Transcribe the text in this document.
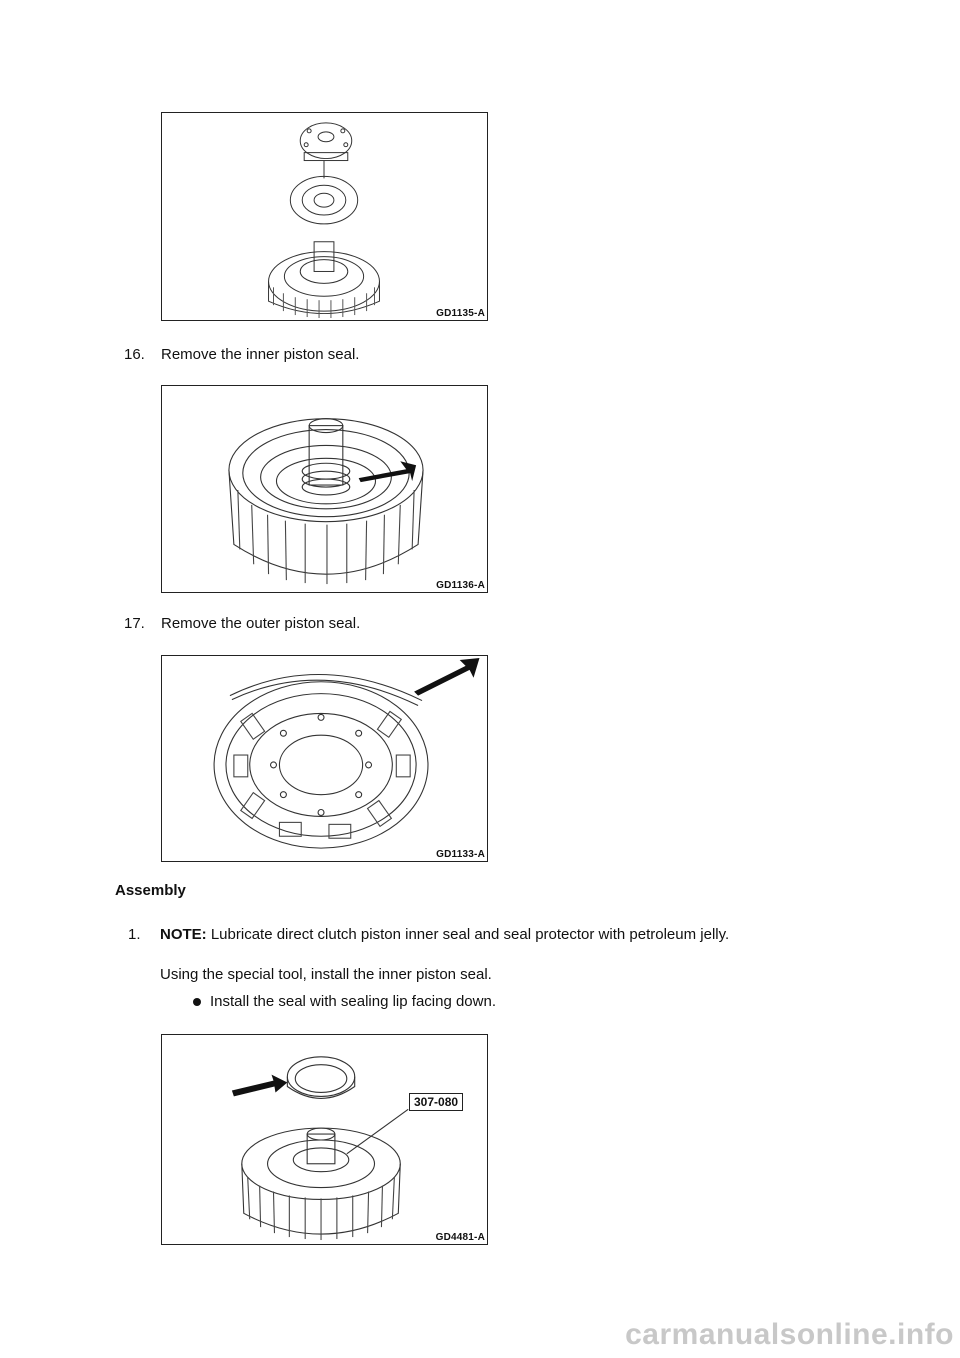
GD1135-A
16. Remove the inner piston seal.
GD1136-A
17. Remove the outer piston seal.
GD1133-A
Assembly
1. NOTE: Lubricate direct clutch piston inner seal and seal protector with petroleum jelly.
Using the special tool, install the inner piston seal.
Install the seal with sealing lip facing down.
GD4481-A
307-080
carmanualsonline.info
